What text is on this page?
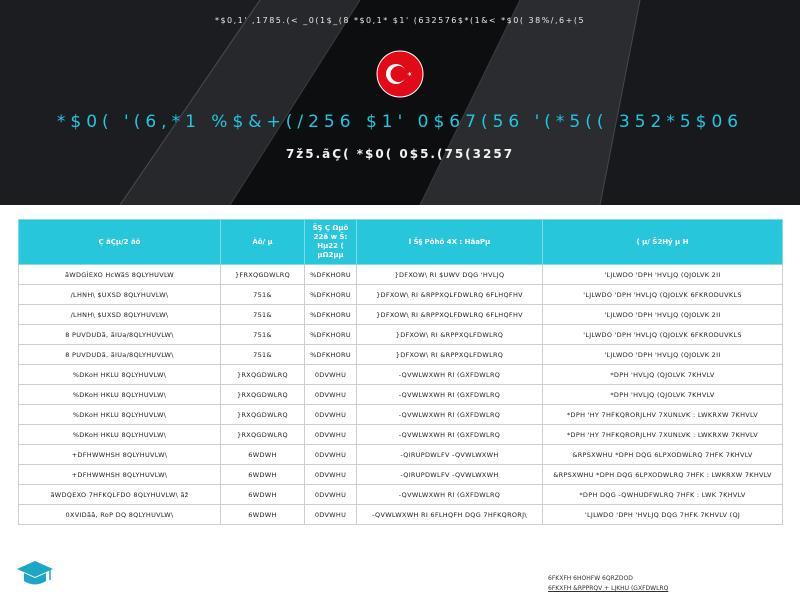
*$0,1' ,1785.(< _0(1$_(8 *$0,1* $1' (632576$*(1&< *$0( 38%/,6+(5
*$0( '(6,*1 %$&+(/256 $1' 0$67(56 '(*5(( 352*5$06
7ž5.ãÇ( *$0( 0$5.(75(3257
Ç ãÇµ/2 ãö	Àô/ µ	ŠŞ Ç Ωµõ 22ã w Š: Hµ22 ( µΩ2µµ	l Š§ Pöhö 4X : HãaPµ	( µ/ Š2Hý µ H
ãWDGÍEXO HcWãS 8QLYHUVLW	}FRXQGDWLRQ	%DFKHORU	}DFXOW\ RI $UWV DQG 'HVLJQ	'LJLWDO 'DPH 'HVLJQ (QJOLVK 2II
/LHNH\ $UXSD 8QLYHUVLW\	751&	%DFKHORU	}DFXOW\ RI &RPPXQLFDWLRQ 6FLHQFHV	'LJLWDO 'DPH 'HVLJQ (QJOLVK 6FKRODUVKLS
/LHNH\ $UXSD 8QLYHUVLW\	751&	%DFKHORU	}DFXOW\ RI &RPPXQLFDWLRQ 6FLHQFHV	'LJLWDO 'DPH 'HVLJQ (QJOLVK 2II
8 PUVDUDã, ãIUa/8QLYHUVLW\	751&	%DFKHORU	}DFXOW\ RI &RPPXQLFDWLRQ	'LJLWDO 'DPH 'HVLJQ (QJOLVK 6FKRODUVKLS
8 PUVDUDã, ãIUa/8QLYHUVLW\	751&	%DFKHORU	}DFXOW\ RI &RPPXQLFDWLRQ	'LJLWDO 'DPH 'HVLJQ (QJOLVK 2II
%DKoH HKLU 8QLYHUVLW\	}RXQGDWLRQ	0DVWHU	-QVWLWXWH RI (GXFDWLRQ	*DPH 'HVLJQ (QJOLVK 7KHVLV
%DKoH HKLU 8QLYHUVLW\	}RXQGDWLRQ	0DVWHU	-QVWLWXWH RI (GXFDWLRQ	*DPH 'HVLJQ (QJOLVK 7KHVLV
%DKoH HKLU 8QLYHUVLW\	}RXQGDWLRQ	0DVWHU	-QVWLWXWH RI (GXFDWLRQ	*DPH 'HY 7HFKQRORJLHV 7XUNLVK : LWKRXW 7KHVLV
%DKoH HKLU 8QLYHUVLW\	}RXQGDWLRQ	0DVWHU	-QVWLWXWH RI (GXFDWLRQ	*DPH 'HY 7HFKQRORJLHV 7XUNLVK : LWKRXW 7KHVLV
+DFHWWHSH 8QLYHUVLW\	6WDWH	0DVWHU	-QIRUPDWLFV -QVWLWXWH	&RPSXWHU *DPH DQG 6LPXODWLRQ 7HFK 7KHVLV
+DFHWWHSH 8QLYHUVLW\	6WDWH	0DVWHU	-QIRUPDWLFV -QVWLWXWH	&RPSXWHU *DPH DQG 6LPXODWLRQ 7HFK : LWKRXW 7KHVLV
ãWDQEXO 7HFKQLFDO 8QLYHUVLW\ ãž	6WDWH	0DVWHU	-QVWLWXWH RI (GXFDWLRQ	*DPH DQG -QWHUDFWLRQ 7HFK : LWK 7KHVLV
0XVIDãã, RoP DQ 8QLYHUVLW\	6WDWH	0DVWHU	-QVWLWXWH RI 6FLHQFH DQG 7HFKQRORJ\	'LJLWDO 'DPH 'HVLJQ DQG 7HFK 7KHVLV (QJ
6FKXFH 6HOHFW 6QRZDOD
6FKXFH &RPPRQV + LJKHU (GXFDWLRQ
